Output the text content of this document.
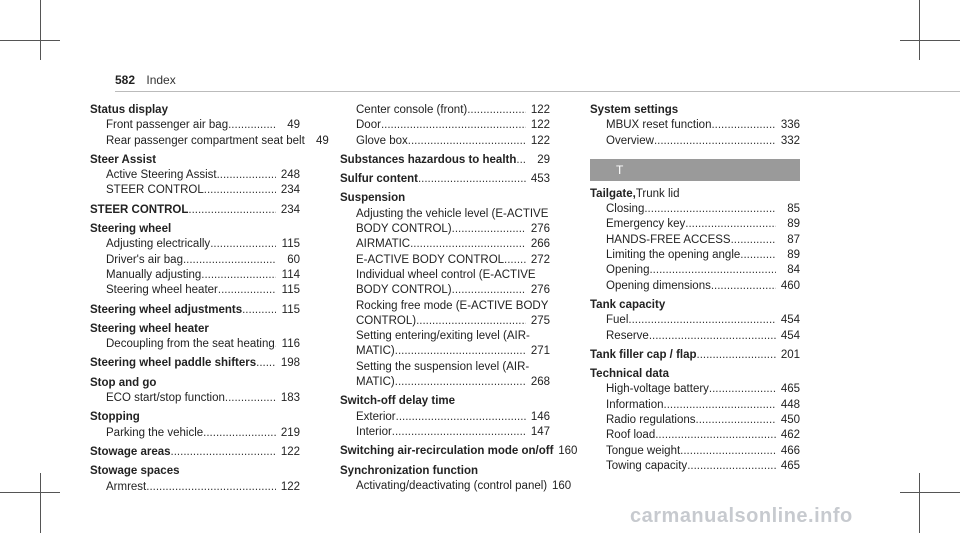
582 Index
Status display
Front passenger air bag .....	49
Rear passenger compartment seat belt 49
Steer Assist
Active Steering Assist .....	248
STEER CONTROL .....	234
STEER CONTROL .....	234
Steering wheel
Adjusting electrically .....	115
Driver's air bag .....	60
Manually adjusting .....	114
Steering wheel heater .....	115
Steering wheel adjustments .....	115
Steering wheel heater
Decoupling from the seat heating ..... 116
Steering wheel paddle shifters .....	198
Stop and go
ECO start/stop function .....	183
Stopping
Parking the vehicle .....	219
Stowage areas .....	122
Stowage spaces
Armrest .....	122
Center console (front) .....	122
Door .....	122
Glove box .....	122
Substances hazardous to health .....	29
Sulfur content .....	453
Suspension
Adjusting the vehicle level (E-ACTIVE
BODY CONTROL) .....	276
AIRMATIC .....	266
E-ACTIVE BODY CONTROL .....	272
Individual wheel control (E-ACTIVE
BODY CONTROL) .....	276
Rocking free mode (E-ACTIVE BODY
CONTROL) .....	275
Setting entering/exiting level (AIR-
MATIC) .....	271
Setting the suspension level (AIR-
MATIC) .....	268
Switch-off delay time
Exterior .....	146
Interior .....	147
Switching air-recirculation mode on/off 160
Synchronization function
Activating/deactivating (control panel) 160
System settings
MBUX reset function .....	336
Overview .....	332
T
Tailgate, Trunk lid
Closing .....	85
Emergency key .....	89
HANDS-FREE ACCESS .....	87
Limiting the opening angle .....	89
Opening .....	84
Opening dimensions .....	460
Tank capacity
Fuel .....	454
Reserve .....	454
Tank filler cap / flap .....	201
Technical data
High-voltage battery .....	465
Information .....	448
Radio regulations .....	450
Roof load .....	462
Tongue weight .....	466
Towing capacity .....	465
carmanualsonline.info
